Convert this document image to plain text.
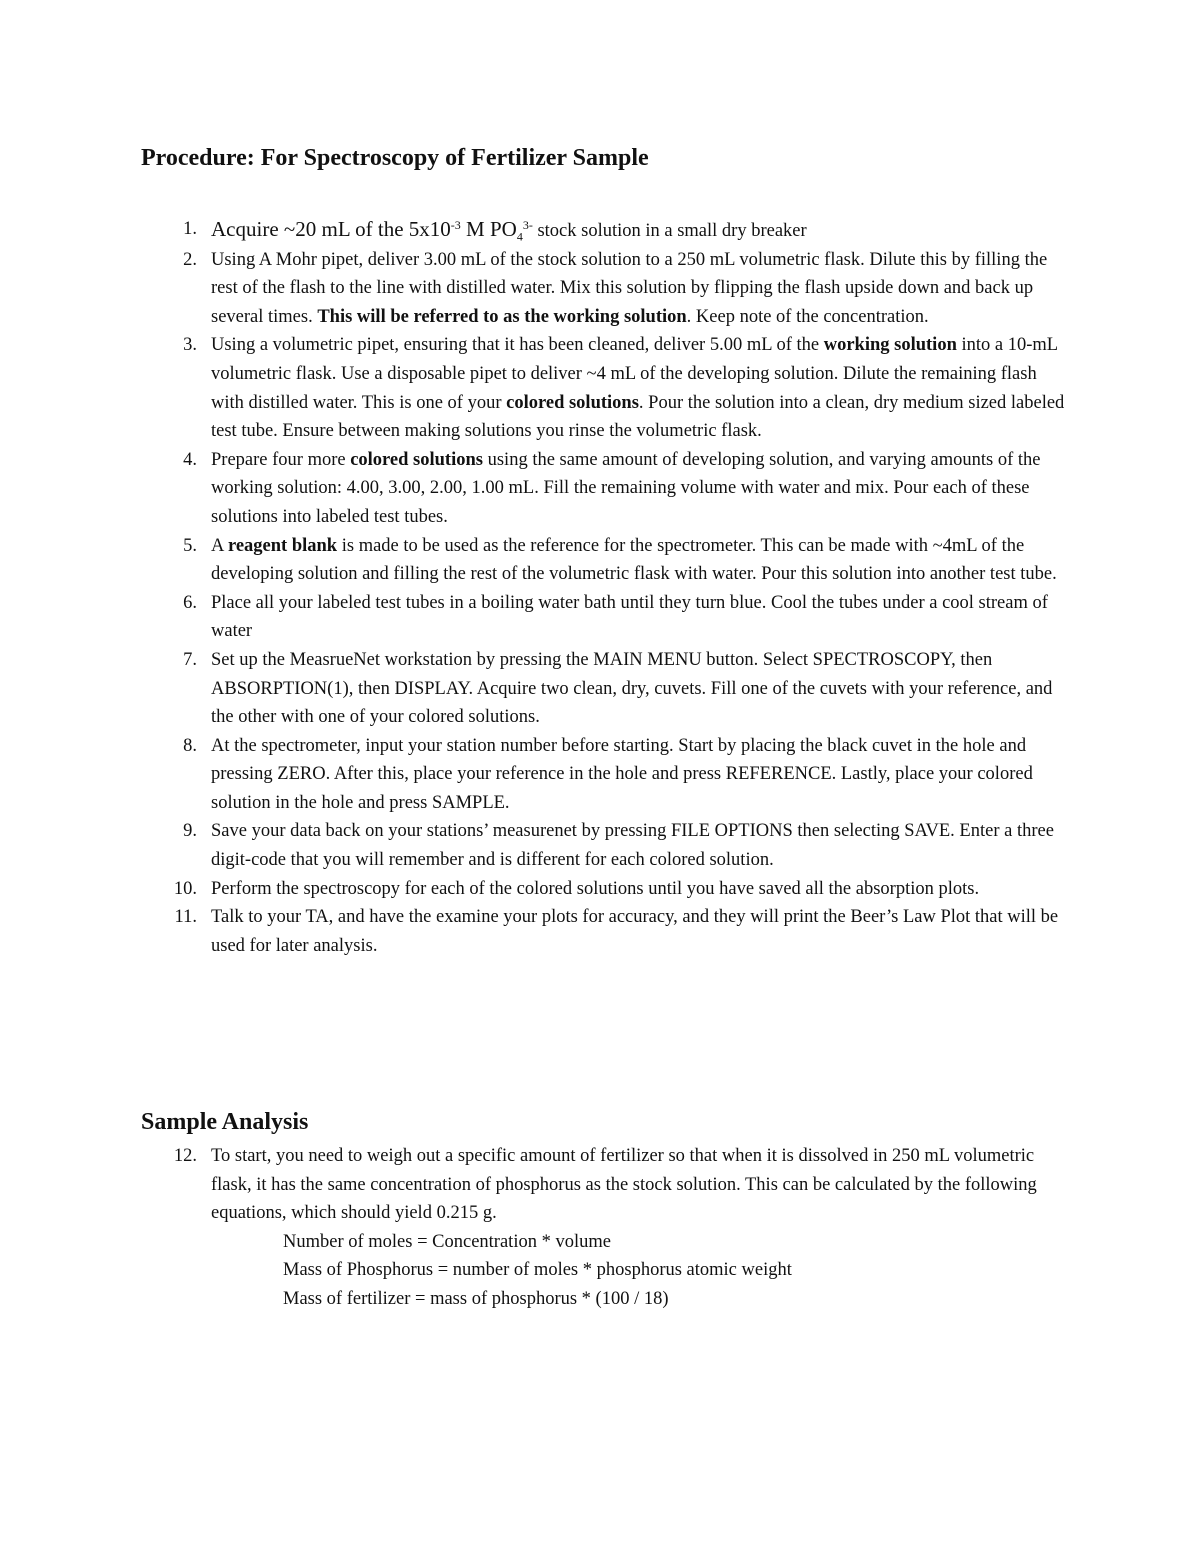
Procedure: For Spectroscopy of Fertilizer Sample
1. Acquire ~20 mL of the $5x10^{-3}$ M $PO_4^{3-}$ stock solution in a small dry breaker
2. Using A Mohr pipet, deliver 3.00 mL of the stock solution to a 250 mL volumetric flask. Dilute this by filling the rest of the flash to the line with distilled water. Mix this solution by flipping the flash upside down and back up several times. This will be referred to as the working solution. Keep note of the concentration.
3. Using a volumetric pipet, ensuring that it has been cleaned, deliver 5.00 mL of the working solution into a 10-mL volumetric flask. Use a disposable pipet to deliver ~4 mL of the developing solution. Dilute the remaining flash with distilled water. This is one of your colored solutions. Pour the solution into a clean, dry medium sized labeled test tube. Ensure between making solutions you rinse the volumetric flask.
4. Prepare four more colored solutions using the same amount of developing solution, and varying amounts of the working solution: 4.00, 3.00, 2.00, 1.00 mL. Fill the remaining volume with water and mix. Pour each of these solutions into labeled test tubes.
5. A reagent blank is made to be used as the reference for the spectrometer. This can be made with ~4mL of the developing solution and filling the rest of the volumetric flask with water. Pour this solution into another test tube.
6. Place all your labeled test tubes in a boiling water bath until they turn blue. Cool the tubes under a cool stream of water
7. Set up the MeasrueNet workstation by pressing the MAIN MENU button. Select SPECTROSCOPY, then ABSORPTION(1), then DISPLAY. Acquire two clean, dry, cuvets. Fill one of the cuvets with your reference, and the other with one of your colored solutions.
8. At the spectrometer, input your station number before starting. Start by placing the black cuvet in the hole and pressing ZERO. After this, place your reference in the hole and press REFERENCE. Lastly, place your colored solution in the hole and press SAMPLE.
9. Save your data back on your stations’ measurenet by pressing FILE OPTIONS then selecting SAVE. Enter a three digit-code that you will remember and is different for each colored solution.
10. Perform the spectroscopy for each of the colored solutions until you have saved all the absorption plots.
11. Talk to your TA, and have the examine your plots for accuracy, and they will print the Beer’s Law Plot that will be used for later analysis.
Sample Analysis
12. To start, you need to weigh out a specific amount of fertilizer so that when it is dissolved in 250 mL volumetric flask, it has the same concentration of phosphorus as the stock solution. This can be calculated by the following equations, which should yield 0.215 g.
Number of moles = Concentration * volume
Mass of Phosphorus = number of moles * phosphorus atomic weight
Mass of fertilizer = mass of phosphorus * (100 / 18)
